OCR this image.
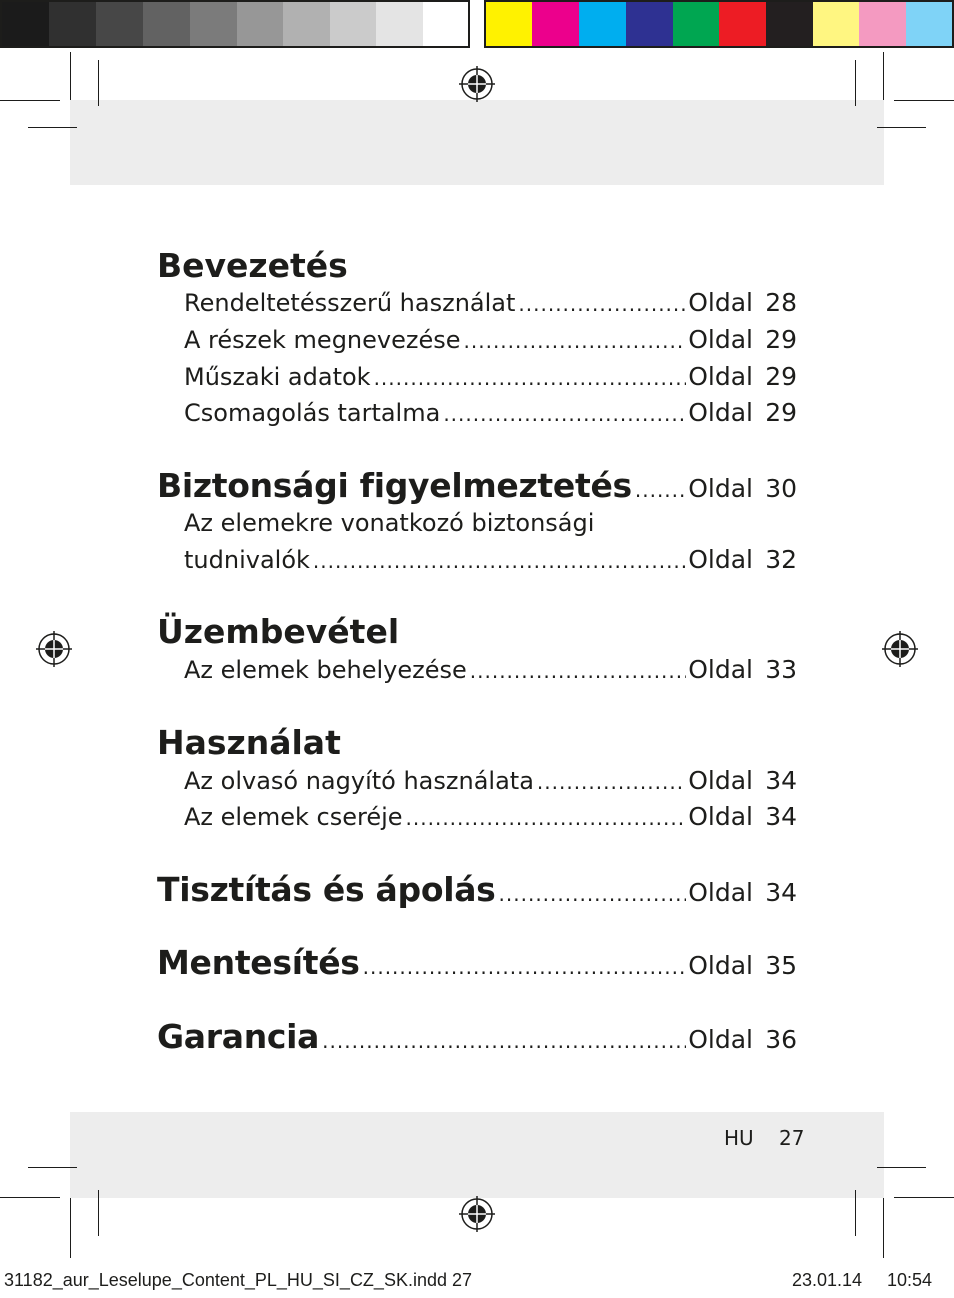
Bevezetés
Rendeltetésszerű használat .....	Oldal 28
A részek megnevezése .....	Oldal 29
Műszaki adatok .....	Oldal 29
Csomagolás tartalma .....	Oldal 29
Biztonsági figyelmeztetés ..... Oldal 30
Az elemekre vonatkozó biztonsági
tudnivalók .....	Oldal 32
Üzembevétel
Az elemek behelyezése .....	Oldal 33
Használat
Az olvasó nagyító használata .....	Oldal 34
Az elemek cseréje .....	Oldal 34
Tisztítás és ápolás .....	Oldal 34
Mentesítés .....	Oldal 35
Garancia .....	Oldal 36
HU 27
31182_aur_Leselupe_Content_PL_HU_SI_CZ_SK.indd 27	23.01.14 10:54
